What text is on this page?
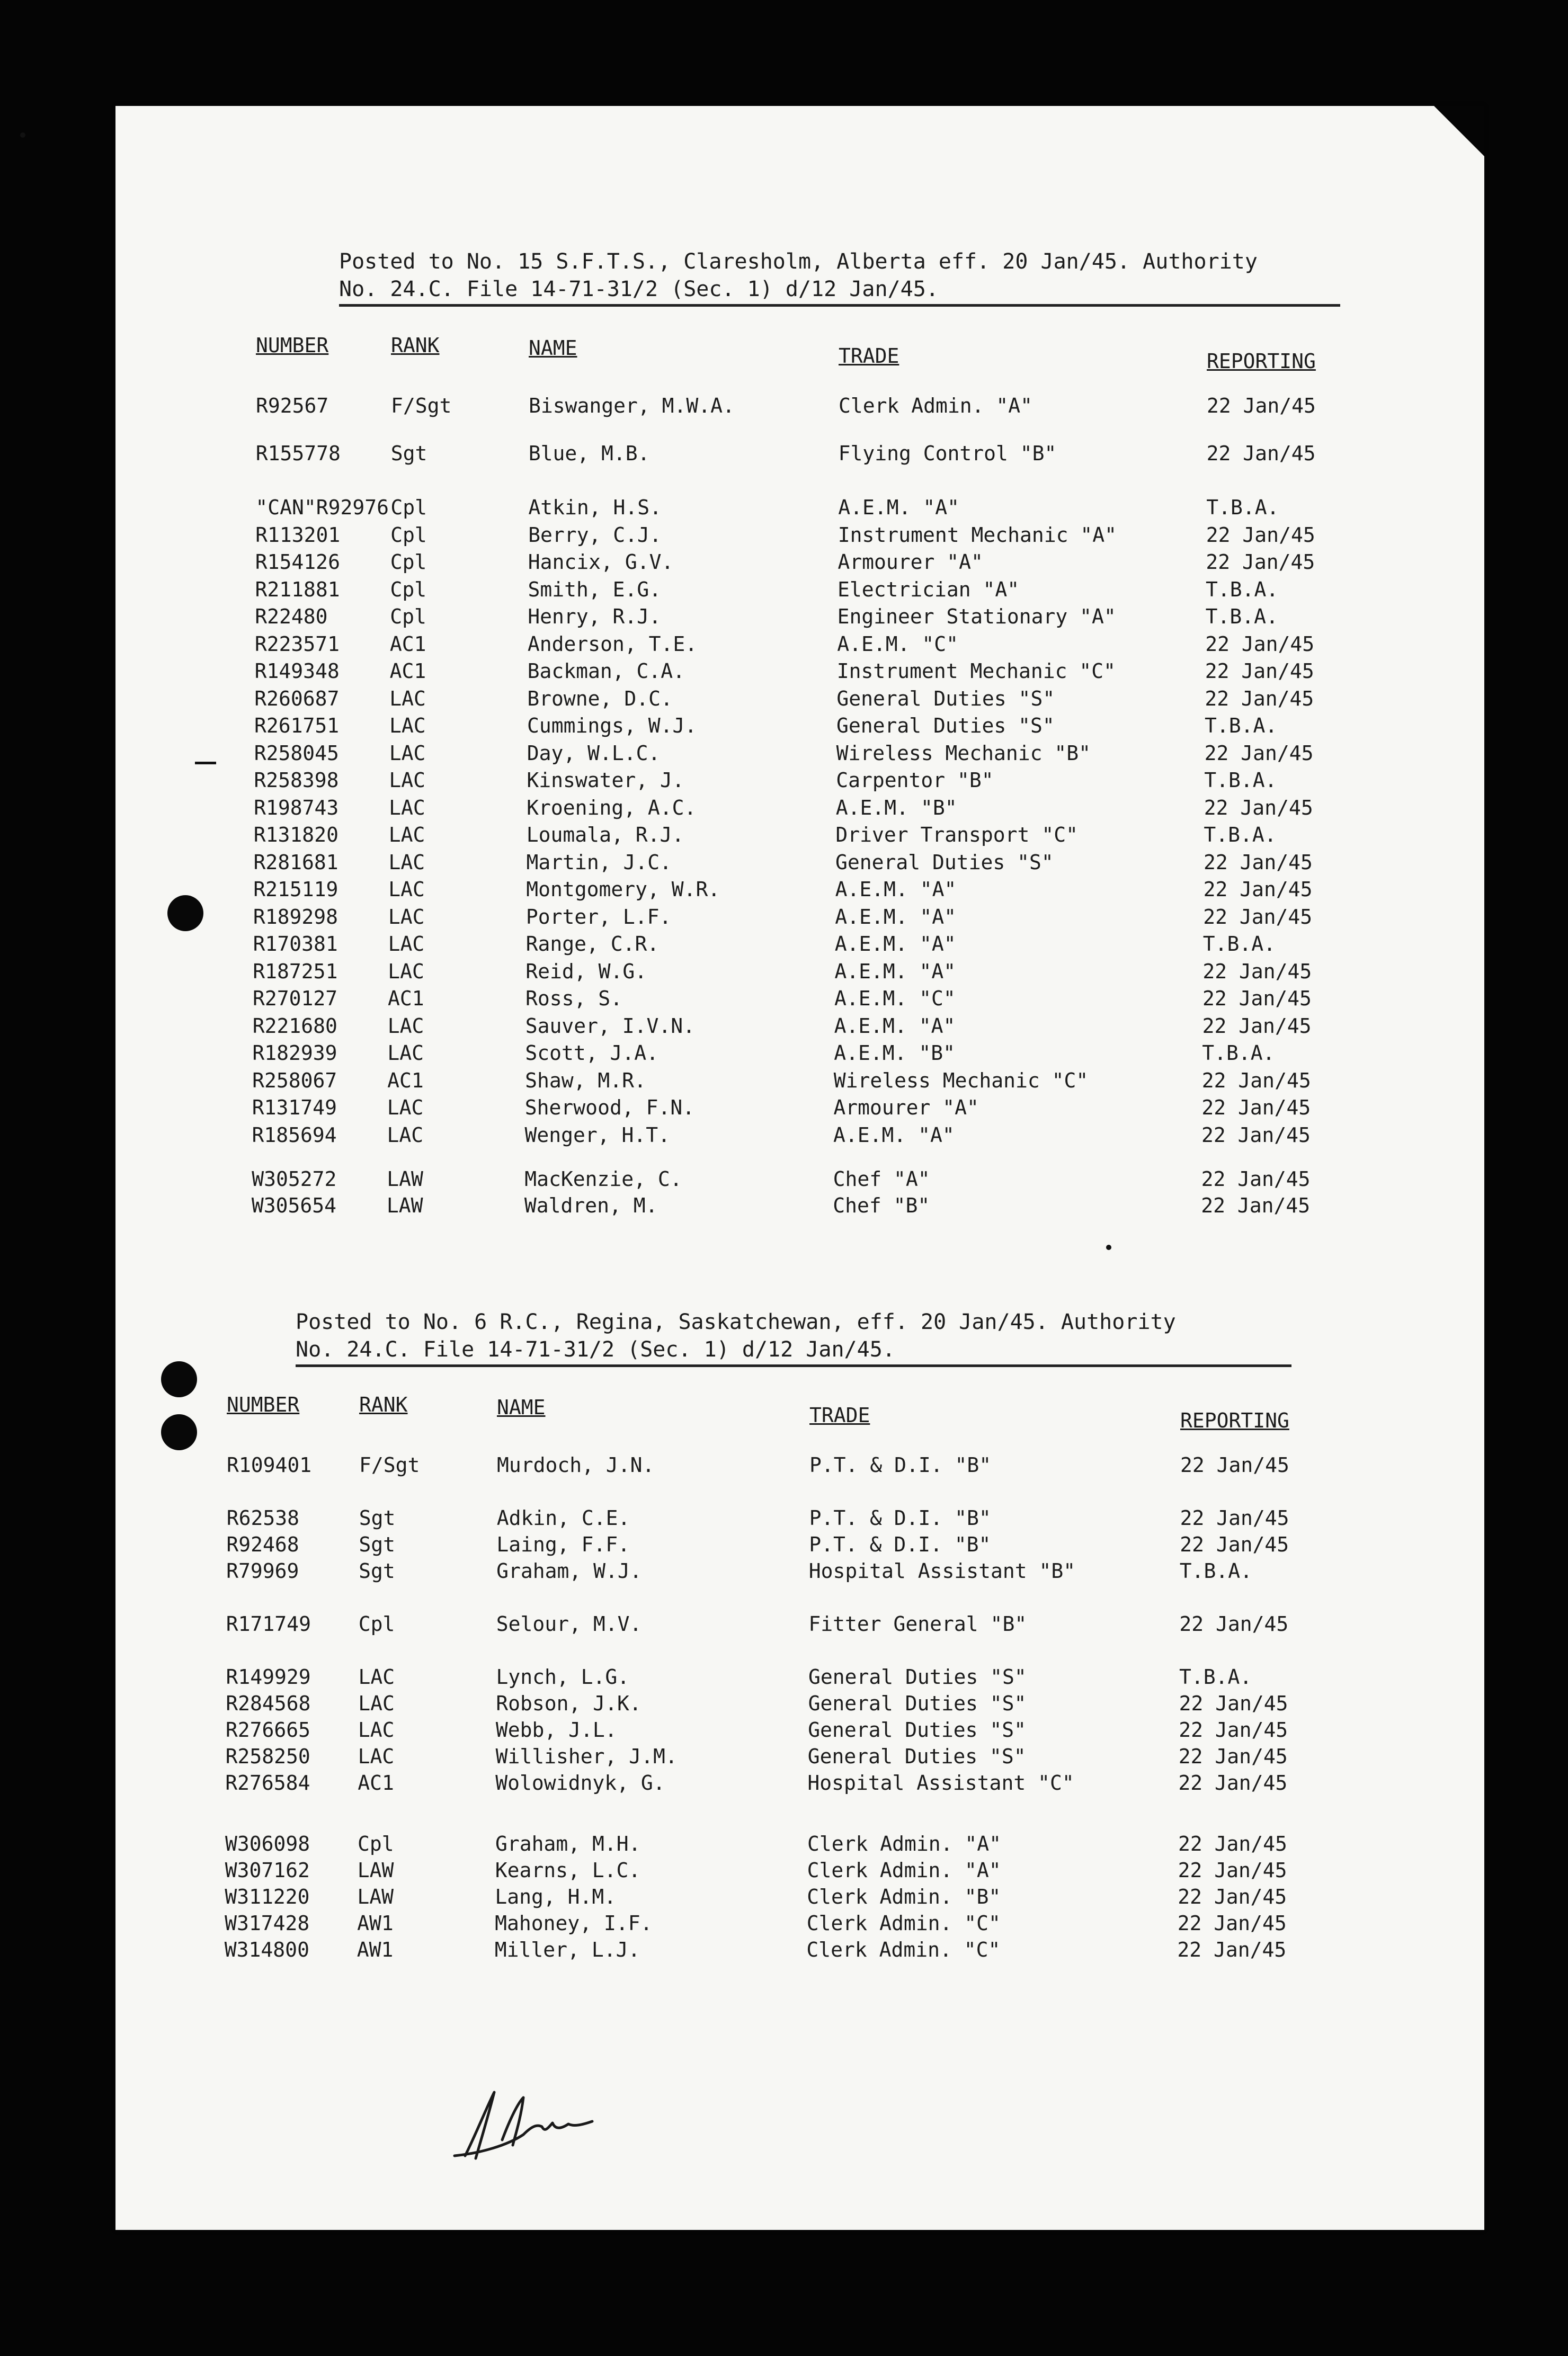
Posted to No. 15 S.F.T.S., Claresholm, Alberta eff. 20 Jan/45. Authority
No. 24.C. File 14-71-31/2 (Sec. 1) d/12 Jan/45.
NUMBER	RANK	NAME	TRADE	REPORTING
R92567	F/Sgt	Biswanger, M.W.A.	Clerk Admin. "A"	22 Jan/45
R155778 Sgt	Blue, M.B.	Flying Control "B"	22 Jan/45
"CAN"R92976 Cpl	Atkin, H.S.	A.E.M. "A"	T.B.A.
R113201 Cpl	Berry, C.J.	Instrument Mechanic "A"	22 Jan/45
R154126 Cpl	Hancix, G.V.	Armourer "A"	22 Jan/45
R211881 Cpl	Smith, E.G.	Electrician "A"	T.B.A.
R22480	Cpl	Henry, R.J.	Engineer Stationary "A"	T.B.A.
R223571 AC1	Anderson, T.E.	A.E.M. "C"	22 Jan/45
R149348 AC1	Backman, C.A.	Instrument Mechanic "C"	22 Jan/45
R260687 LAC	Browne, D.C.	General Duties "S"	22 Jan/45
R261751 LAC	Cummings, W.J.	General Duties "S"	T.B.A.
R258045 LAC	Day, W.L.C.	Wireless Mechanic "B"	22 Jan/45
R258398 LAC	Kinswater, J.	Carpentor "B"	T.B.A.
R198743 LAC	Kroening, A.C.	A.E.M. "B"	22 Jan/45
R131820 LAC	Loumala, R.J.	Driver Transport "C"	T.B.A.
R281681 LAC	Martin, J.C.	General Duties "S"	22 Jan/45
R215119 LAC	Montgomery, W.R.	A.E.M. "A"	22 Jan/45
R189298 LAC	Porter, L.F.	A.E.M. "A"	22 Jan/45
R170381 LAC	Range, C.R.	A.E.M. "A"	T.B.A.
R187251 LAC	Reid, W.G.	A.E.M. "A"	22 Jan/45
R270127 AC1	Ross, S.	A.E.M. "C"	22 Jan/45
R221680 LAC	Sauver, I.V.N.	A.E.M. "A"	22 Jan/45
R182939 LAC	Scott, J.A.	A.E.M. "B"	T.B.A.
R258067 AC1	Shaw, M.R.	Wireless Mechanic "C"	22 Jan/45
R131749 LAC	Sherwood, F.N.	Armourer "A"	22 Jan/45
R185694 LAC	Wenger, H.T.	A.E.M. "A"	22 Jan/45
W305272 LAW	MacKenzie, C.	Chef "A"	22 Jan/45
W305654 LAW	Waldren, M.	Chef "B"	22 Jan/45
Posted to No. 6 R.C., Regina, Saskatchewan, eff. 20 Jan/45. Authority
No. 24.C. File 14-71-31/2 (Sec. 1) d/12 Jan/45.
NUMBER	RANK	NAME	TRADE	REPORTING
R109401 F/Sgt	Murdoch, J.N.	P.T. & D.I. "B"	22 Jan/45
R62538	Sgt	Adkin, C.E.	P.T. & D.I. "B"	22 Jan/45
R92468	Sgt	Laing, F.F.	P.T. & D.I. "B"	22 Jan/45
R79969	Sgt	Graham, W.J.	Hospital Assistant "B"	T.B.A.
R171749 Cpl	Selour, M.V.	Fitter General "B"	22 Jan/45
R149929 LAC	Lynch, L.G.	General Duties "S"	T.B.A.
R284568 LAC	Robson, J.K.	General Duties "S"	22 Jan/45
R276665 LAC	Webb, J.L.	General Duties "S"	22 Jan/45
R258250 LAC	Willisher, J.M.	General Duties "S"	22 Jan/45
R276584 AC1	Wolowidnyk, G.	Hospital Assistant "C"	22 Jan/45
W306098 Cpl	Graham, M.H.	Clerk Admin. "A"	22 Jan/45
W307162 LAW	Kearns, L.C.	Clerk Admin. "A"	22 Jan/45
W311220 LAW	Lang, H.M.	Clerk Admin. "B"	22 Jan/45
W317428 AW1	Mahoney, I.F.	Clerk Admin. "C"	22 Jan/45
W314800 AW1	Miller, L.J.	Clerk Admin. "C"	22 Jan/45
